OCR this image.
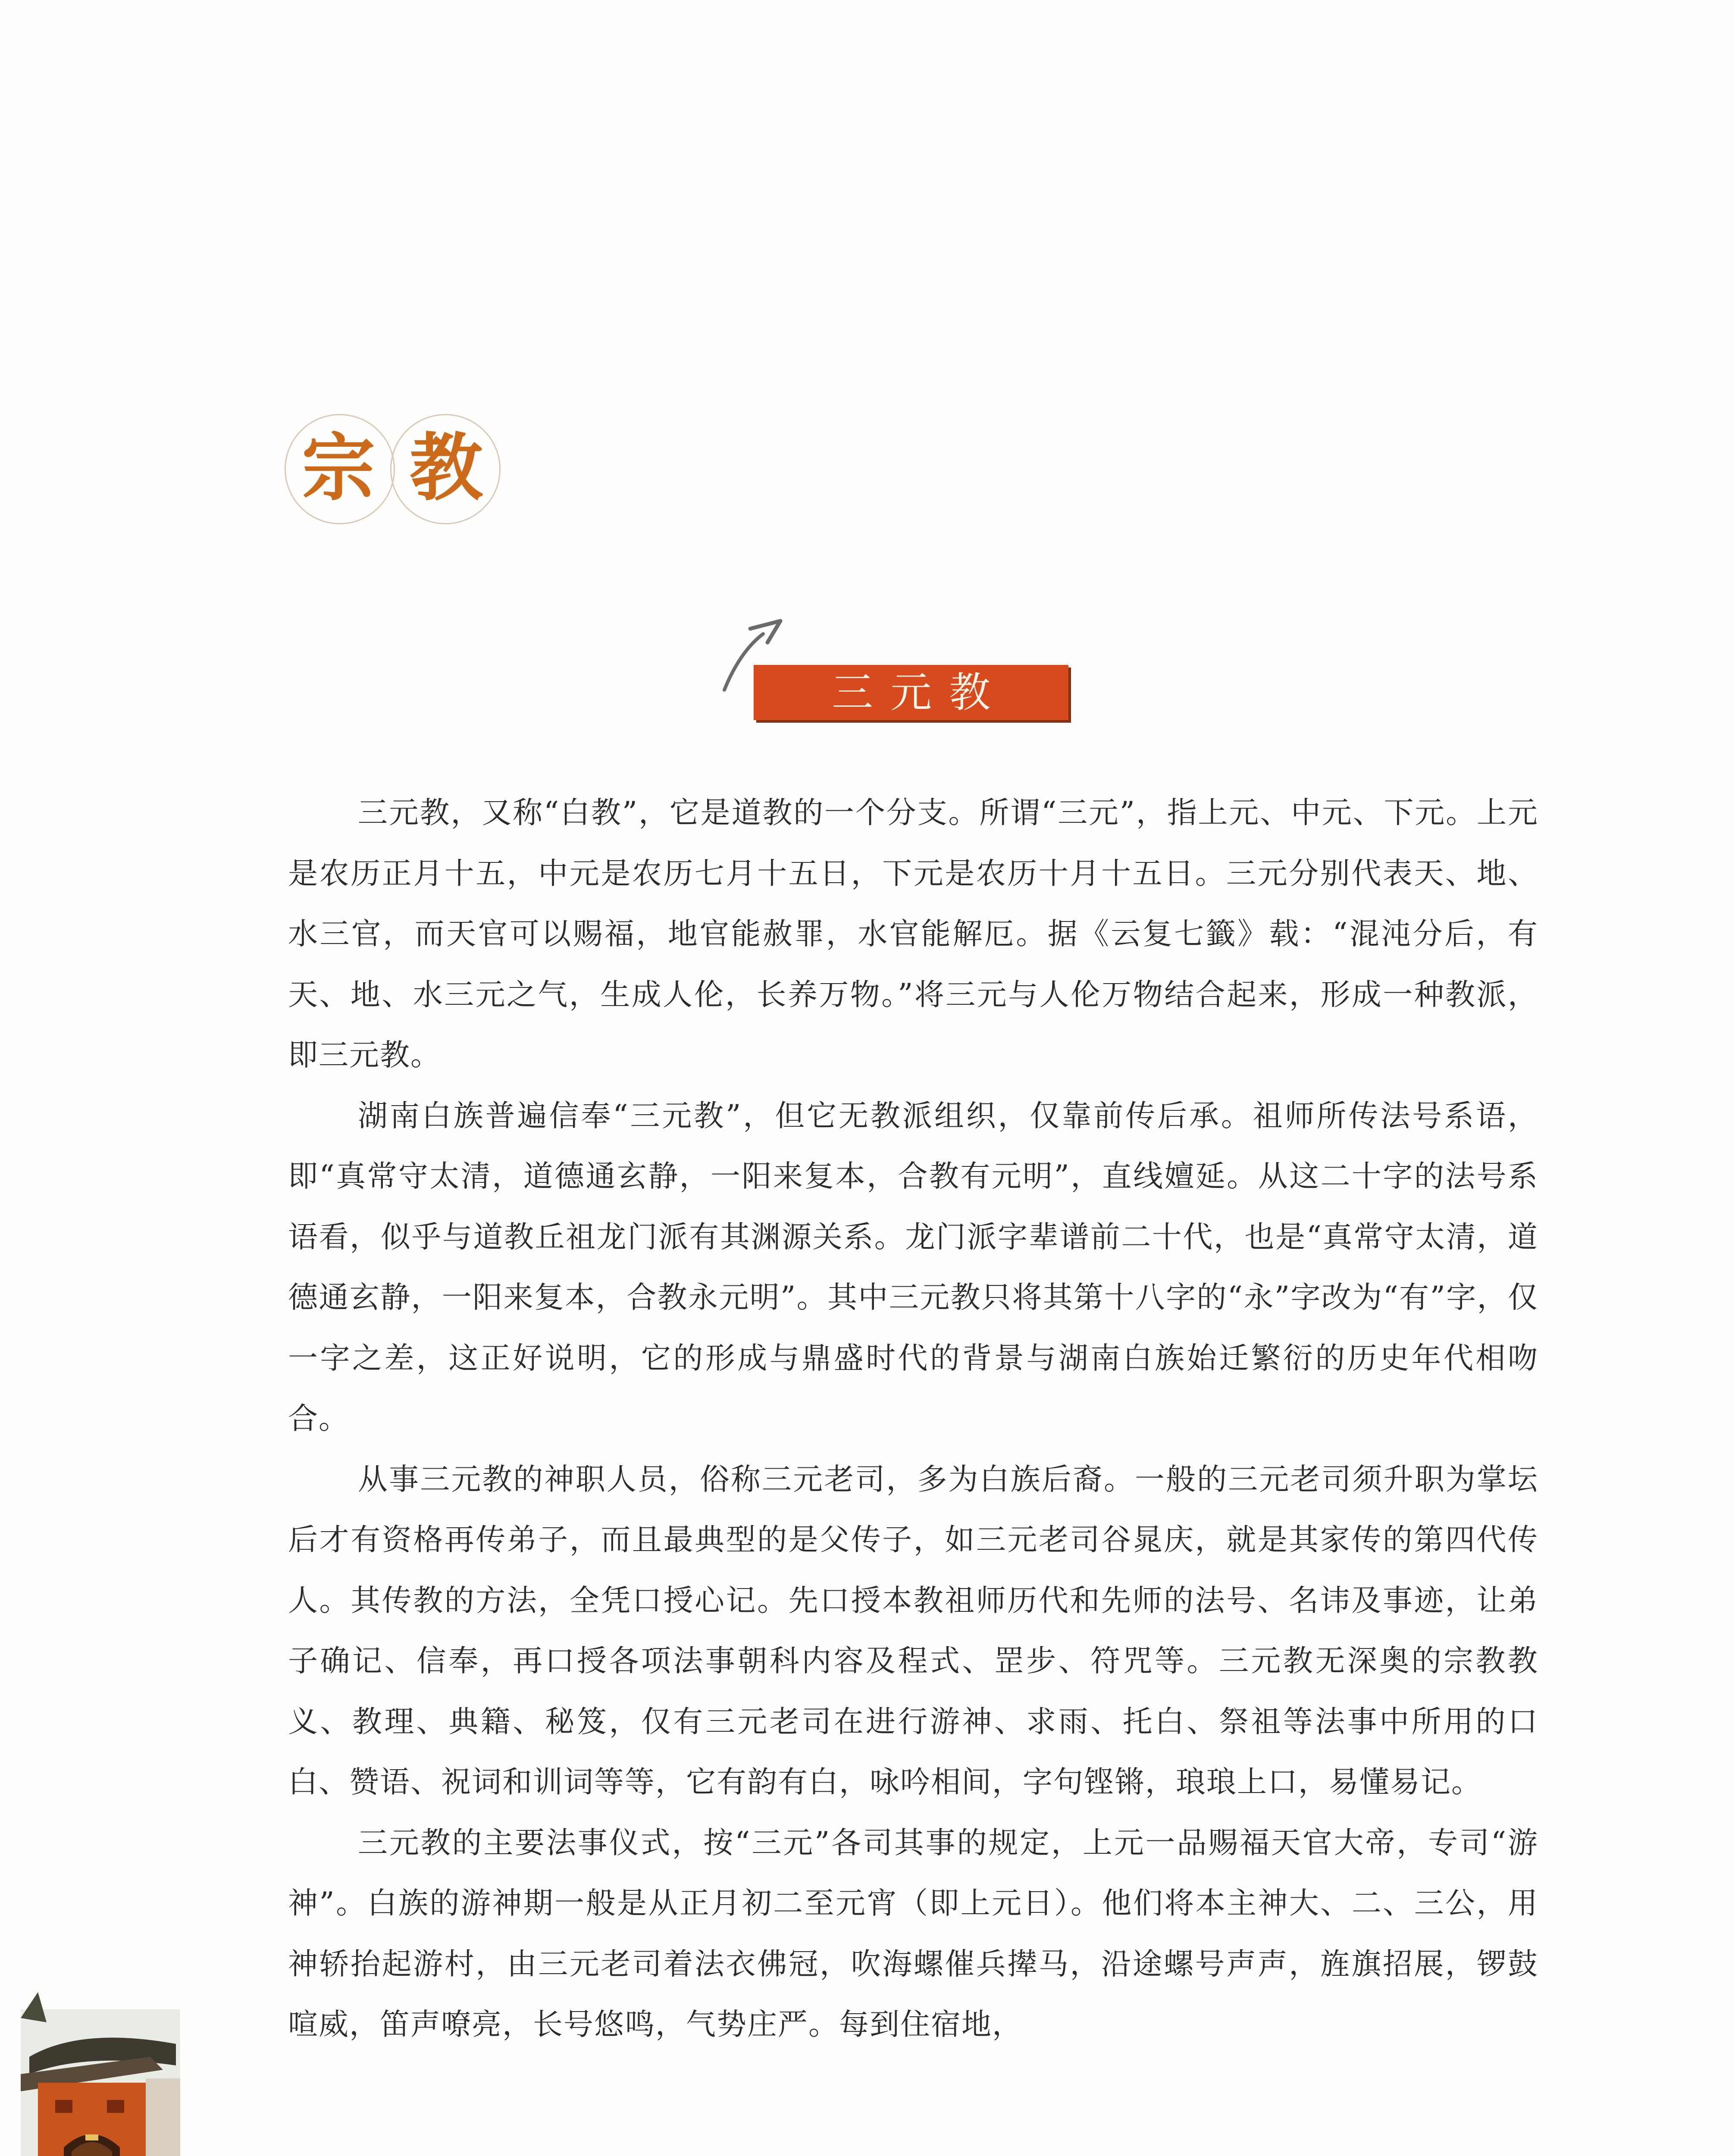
宗 教
三元教

三元教，又称“白教”，它是道教的一个分支。所谓“三元”，指上元、中元、下元。上元是农历正月十五，中元是农历七月十五日，下元是农历十月十五日。三元分别代表天、地、水三官，而天官可以赐福，地官能赦罪，水官能解厄。据《云复七籤》载：“混沌分后，有天、地、水三元之气，生成人伦，长养万物。”将三元与人伦万物结合起来，形成一种教派，即三元教。

湖南白族普遍信奉“三元教”，但它无教派组织，仅靠前传后承。祖师所传法号系语，即“真常守太清，道德通玄静，一阳来复本，合教有元明”，直线嬗延。从这二十字的法号系语看，似乎与道教丘祖龙门派有其渊源关系。龙门派字辈谱前二十代，也是“真常守太清，道德通玄静，一阳来复本，合教永元明”。其中三元教只将其第十八字的“永”字改为“有”字，仅一字之差，这正好说明，它的形成与鼎盛时代的背景与湖南白族始迁繁衍的历史年代相吻合。

从事三元教的神职人员，俗称三元老司，多为白族后裔。一般的三元老司须升职为掌坛后才有资格再传弟子，而且最典型的是父传子，如三元老司谷晁庆，就是其家传的第四代传人。其传教的方法，全凭口授心记。先口授本教祖师历代和先师的法号、名讳及事迹，让弟子确记、信奉，再口授各项法事朝科内容及程式、罡步、符咒等。三元教无深奥的宗教教义、教理、典籍、秘笈，仅有三元老司在进行游神、求雨、托白、祭祖等法事中所用的口白、赞语、祝词和训词等等，它有韵有白，咏吟相间，字句铿锵，琅琅上口，易懂易记。

三元教的主要法事仪式，按“三元”各司其事的规定，上元一品赐福天官大帝，专司“游神”。白族的游神期一般是从正月初二至元宵（即上元日）。他们将本主神大、二、三公，用神轿抬起游村，由三元老司着法衣佛冠，吹海螺催兵撵马，沿途螺号声声，旌旗招展，锣鼓喧威，笛声嘹亮，长号悠鸣，气势庄严。每到住宿地，
